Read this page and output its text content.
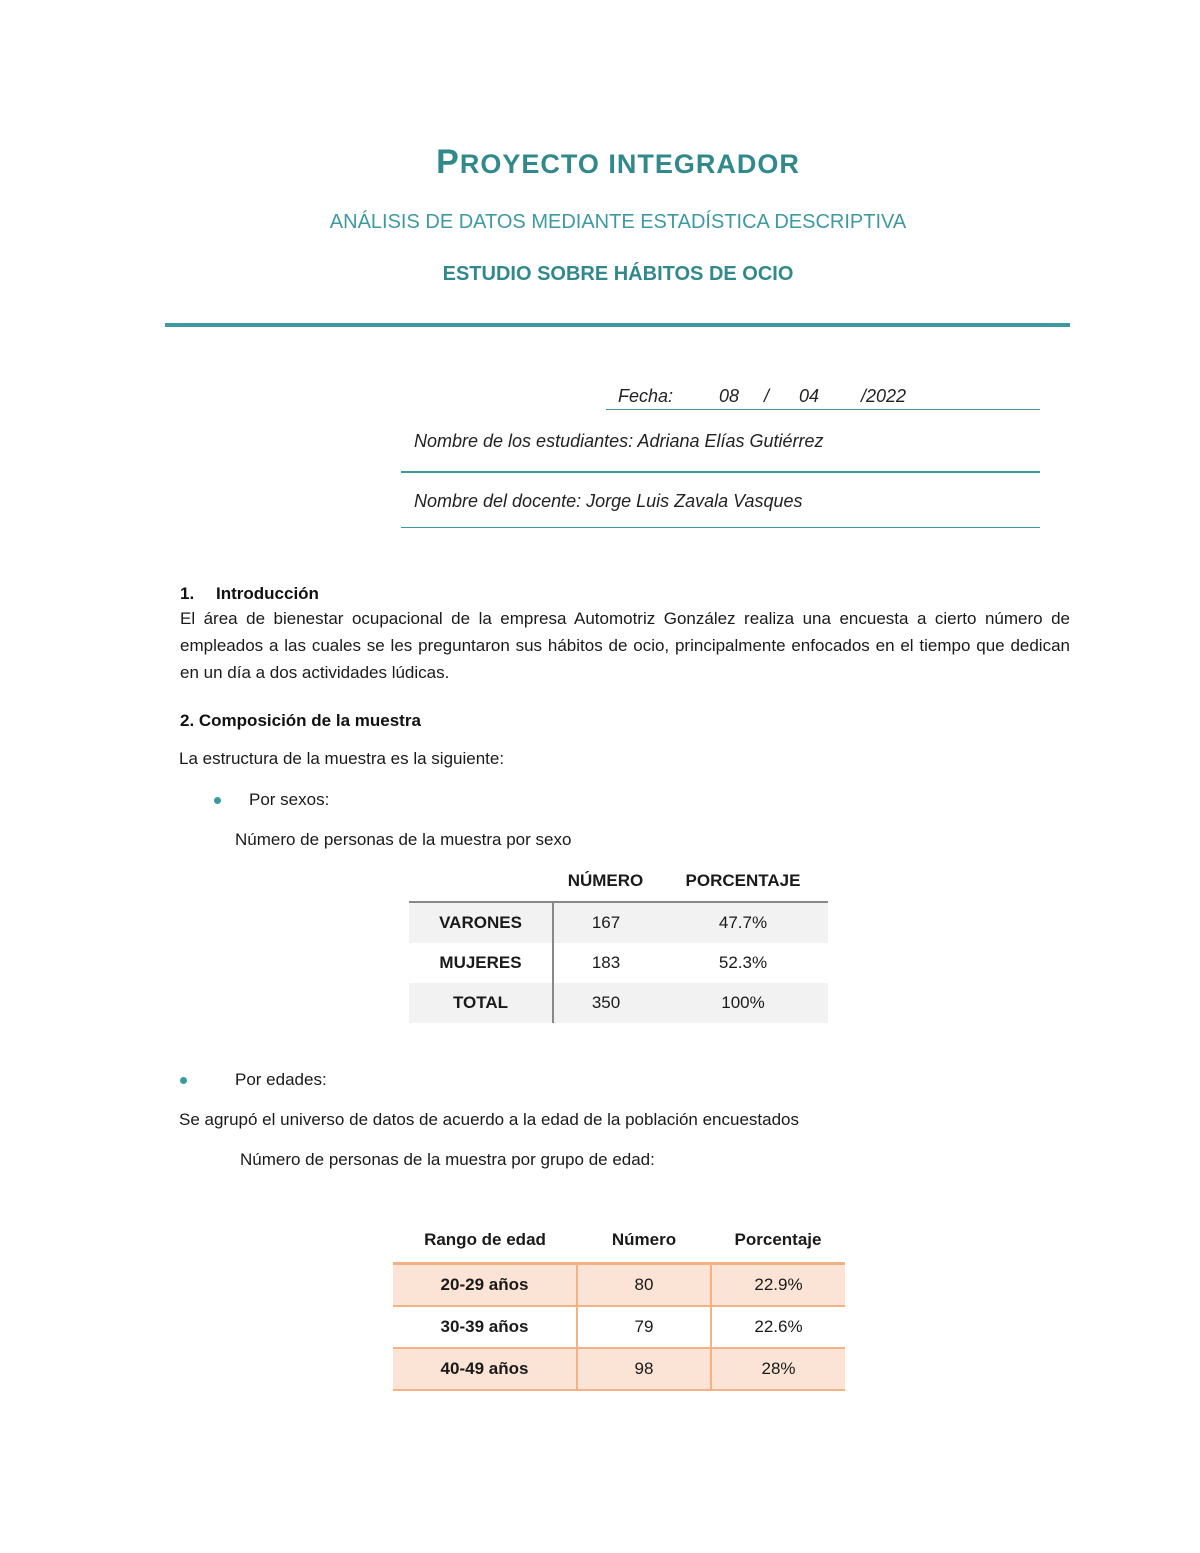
PROYECTO INTEGRADOR
ANÁLISIS DE DATOS MEDIANTE ESTADÍSTICA DESCRIPTIVA
ESTUDIO SOBRE HÁBITOS DE OCIO
Fecha:	08 / 04 /2022
Nombre de los estudiantes: Adriana Elías Gutiérrez
Nombre del docente: Jorge Luis Zavala Vasques
1. Introducción
El área de bienestar ocupacional de la empresa Automotriz González realiza una encuesta a cierto número de empleados a las cuales se les preguntaron sus hábitos de ocio, principalmente enfocados en el tiempo que dedican en un día a dos actividades lúdicas.
2. Composición de la muestra
La estructura de la muestra es la siguiente:
Por sexos:
Número de personas de la muestra por sexo
	NÚMERO	PORCENTAJE
VARONES	167	47.7%
MUJERES	183	52.3%
TOTAL	350	100%
Por edades:
Se agrupó el universo de datos de acuerdo a la edad de la población encuestados
Número de personas de la muestra por grupo de edad:
Rango de edad	Número	Porcentaje
20-29 años	80	22.9%
30-39 años	79	22.6%
40-49 años	98	28%
